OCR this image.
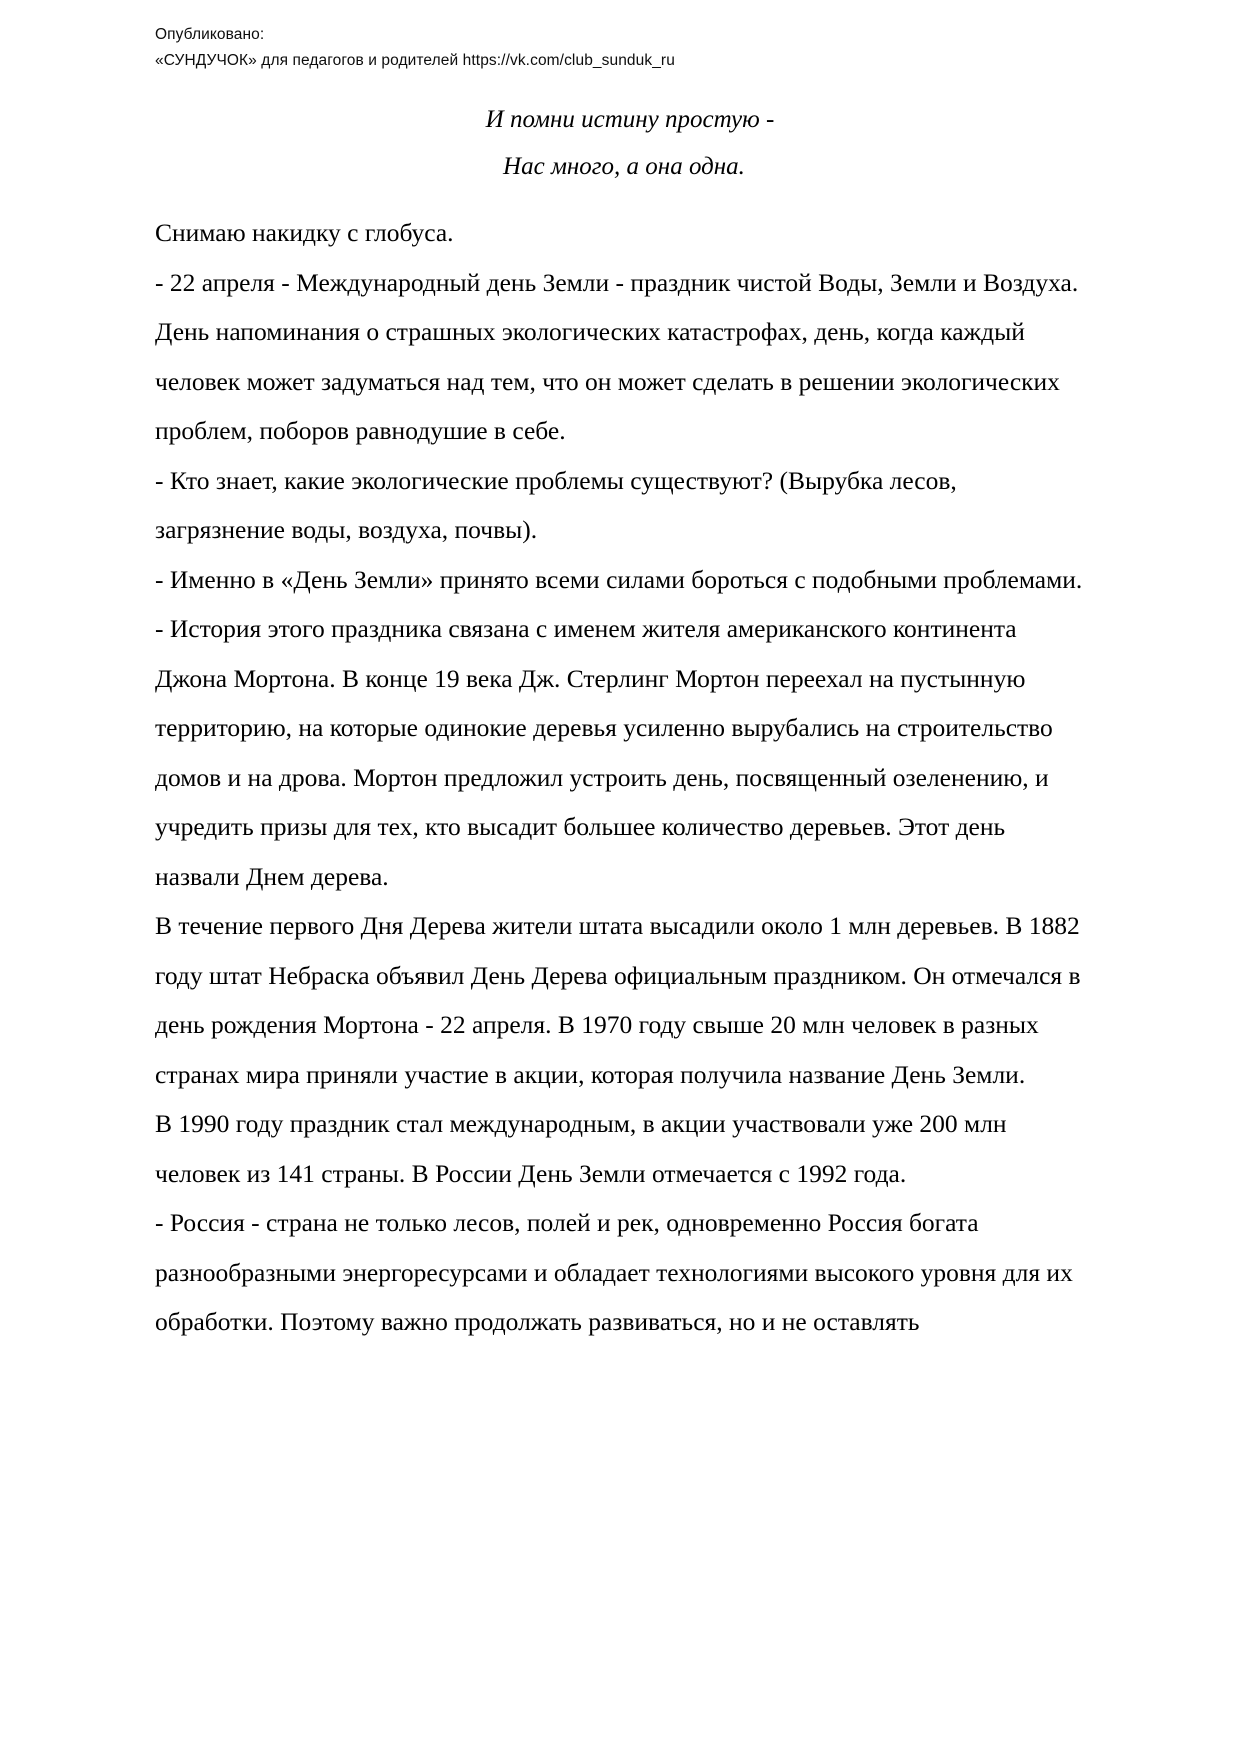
Опубликовано:
«СУНДУЧОК» для педагогов и родителей https://vk.com/club_sunduk_ru
И помни истину простую -
Нас много, а она одна.

Снимаю накидку с глобуса.

- 22 апреля - Международный день Земли - праздник чистой Воды, Земли и Воздуха. День напоминания о страшных экологических катастрофах, день, когда каждый человек может задуматься над тем, что он может сделать в решении экологических проблем, поборов равнодушие в себе.

- Кто знает, какие экологические проблемы существуют? (Вырубка лесов, загрязнение воды, воздуха, почвы).

- Именно в «День Земли» принято всеми силами бороться с подобными проблемами.

- История этого праздника связана с именем жителя американского континента Джона Мортона. В конце 19 века Дж. Стерлинг Мортон переехал на пустынную территорию, на которые одинокие деревья усиленно вырубались на строительство домов и на дрова. Мортон предложил устроить день, посвященный озеленению, и учредить призы для тех, кто высадит большее количество деревьев. Этот день назвали Днем дерева.

В течение первого Дня Дерева жители штата высадили около 1 млн деревьев. В 1882 году штат Небраска объявил День Дерева официальным праздником. Он отмечался в день рождения Мортона - 22 апреля. В 1970 году свыше 20 млн человек в разных странах мира приняли участие в акции, которая получила название День Земли.

В 1990 году праздник стал международным, в акции участвовали уже 200 млн человек из 141 страны. В России День Земли отмечается с 1992 года.

- Россия - страна не только лесов, полей и рек, одновременно Россия богата разнообразными энергоресурсами и обладает технологиями высокого уровня для их обработки. Поэтому важно продолжать развиваться, но и не оставлять
